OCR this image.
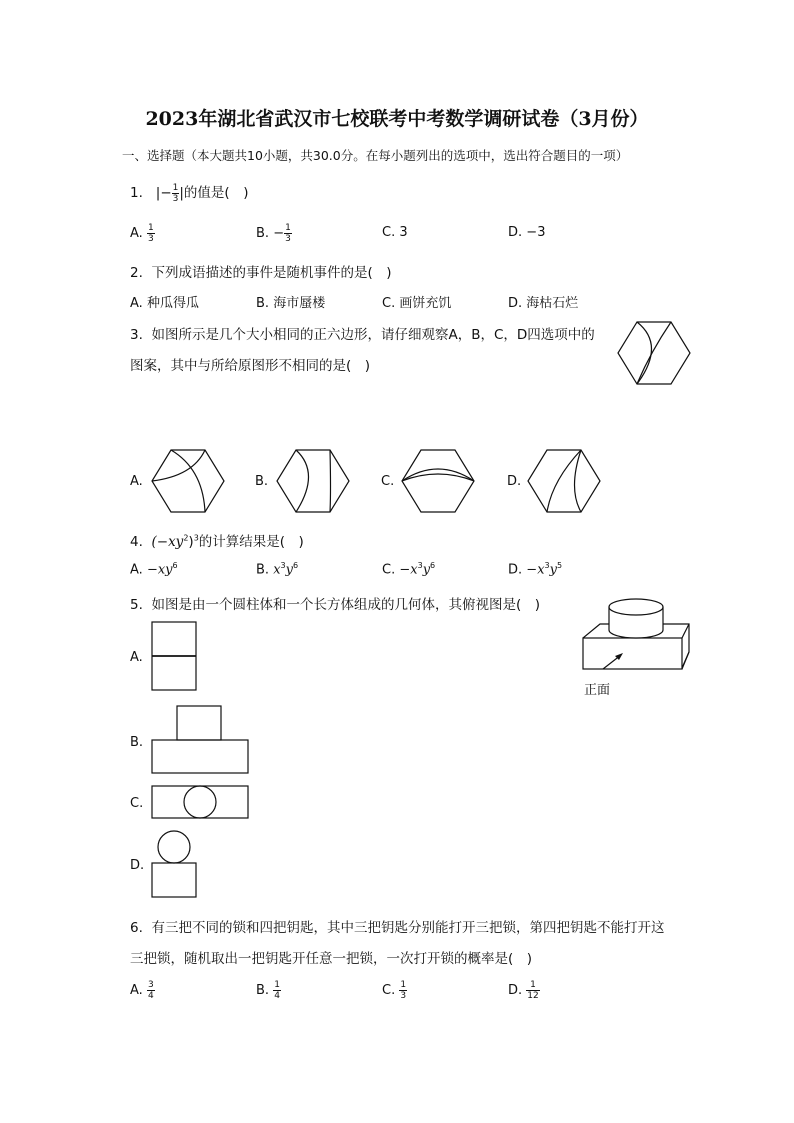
2023年湖北省武汉市七校联考中考数学调研试卷（3月份）
一、选择题（本大题共10小题，共30.0分。在每小题列出的选项中，选出符合题目的一项）
1. |− $\frac{1}{3}$ |的值是(　)
A. $\frac{1}{3}$	B. − $\frac{1}{3}$	C. 3	D. −3
2. 下列成语描述的事件是随机事件的是(　)
A. 种瓜得瓜	B. 海市蜃楼	C. 画饼充饥	D. 海枯石烂
3. 如图所示是几个大小相同的正六边形，请仔细观察A，B，C，D四选项中的
图案，其中与所给原图形不相同的是(　)
A.	B.	C.	D.
4. $(-xy^2)^3$的计算结果是(　)
A. $-xy^6$	B. $x^3y^6$	C. $-x^3y^6$	D. $-x^3y^5$
5. 如图是由一个圆柱体和一个长方体组成的几何体，其俯视图是(　)
正面
A.
B.
C.
D.
6. 有三把不同的锁和四把钥匙，其中三把钥匙分别能打开三把锁，第四把钥匙不能打开这
三把锁，随机取出一把钥匙开任意一把锁，一次打开锁的概率是(　)
A. $\frac{3}{4}$	B. $\frac{1}{4}$	C. $\frac{1}{3}$	D. $\frac{1}{12}$
